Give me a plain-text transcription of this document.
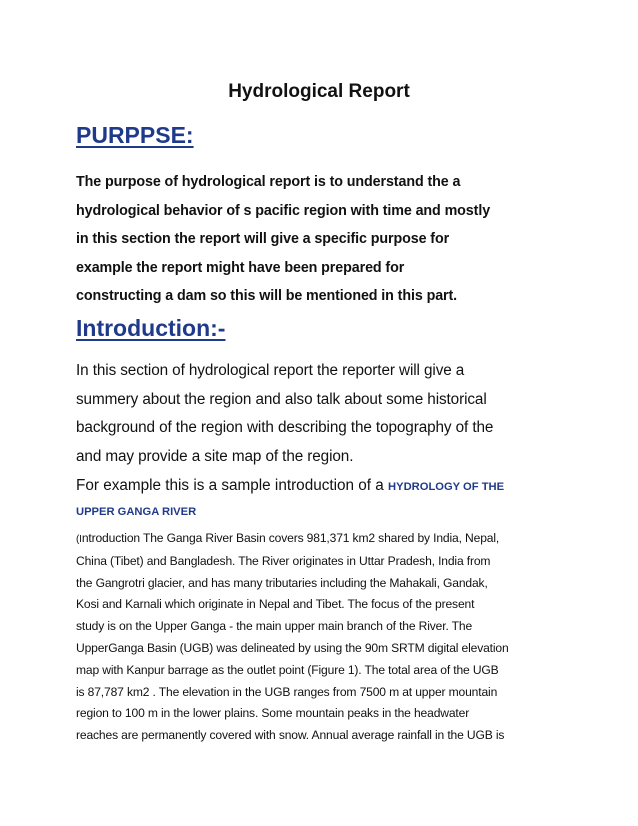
Hydrological Report
PURPPSE:
The purpose of hydrological report is to understand the a
hydrological behavior of s pacific region with time and mostly
in this section the report will give a specific purpose for
example the report might have been prepared for
constructing a dam so this will be mentioned in this part.
Introduction:-
In this section of hydrological report the reporter will give a
summery about the region and also talk about some historical
background of the region with describing the topography of the
and may provide a site map of the region.
For example this is a sample introduction of a HYDROLOGY OF THE
UPPER GANGA RIVER
(Introduction The Ganga River Basin covers 981,371 km2 shared by India, Nepal,
China (Tibet) and Bangladesh. The River originates in Uttar Pradesh, India from
the Gangrotri glacier, and has many tributaries including the Mahakali, Gandak,
Kosi and Karnali which originate in Nepal and Tibet. The focus of the present
study is on the Upper Ganga - the main upper main branch of the River. The
UpperGanga Basin (UGB) was delineated by using the 90m SRTM digital elevation
map with Kanpur barrage as the outlet point (Figure 1). The total area of the UGB
is 87,787 km2 . The elevation in the UGB ranges from 7500 m at upper mountain
region to 100 m in the lower plains. Some mountain peaks in the headwater
reaches are permanently covered with snow. Annual average rainfall in the UGB is
